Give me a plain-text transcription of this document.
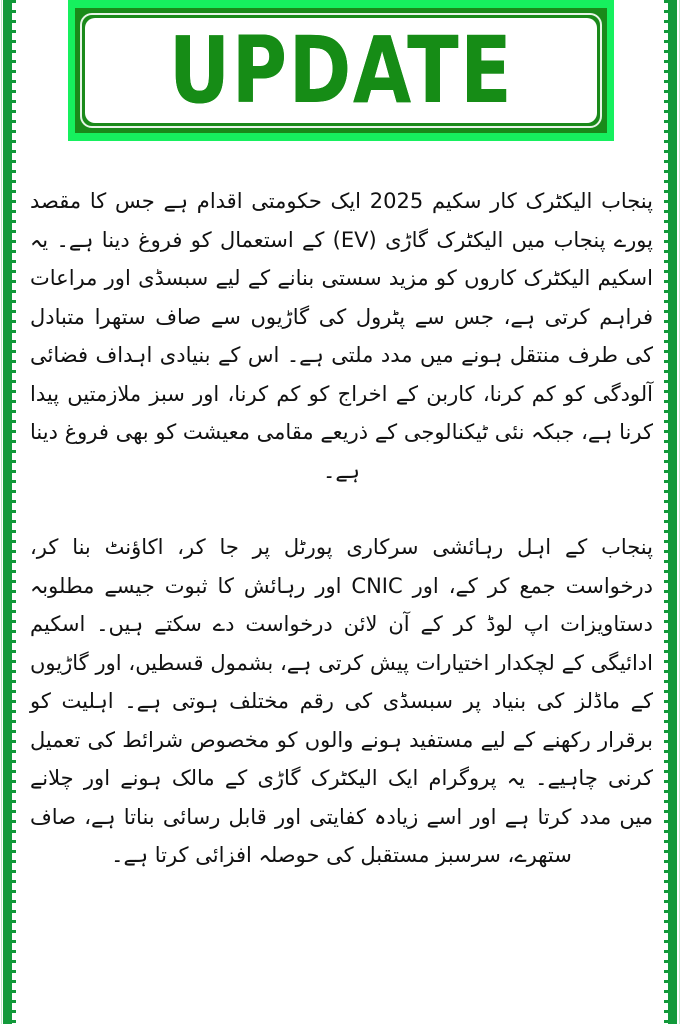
UPDATE

پنجاب الیکٹرک کار سکیم 2025 ایک حکومتی اقدام ہے جس کا مقصد پورے پنجاب میں الیکٹرک گاڑی (EV) کے استعمال کو فروغ دینا ہے۔ یہ اسکیم الیکٹرک کاروں کو مزید سستی بنانے کے لیے سبسڈی اور مراعات فراہم کرتی ہے، جس سے پٹرول کی گاڑیوں سے صاف ستھرا متبادل کی طرف منتقل ہونے میں مدد ملتی ہے۔ اس کے بنیادی اہداف فضائی آلودگی کو کم کرنا، کاربن کے اخراج کو کم کرنا، اور سبز ملازمتیں پیدا کرنا ہے، جبکہ نئی ٹیکنالوجی کے ذریعے مقامی معیشت کو بھی فروغ دینا ہے۔

پنجاب کے اہل رہائشی سرکاری پورٹل پر جا کر، اکاؤنٹ بنا کر، درخواست جمع کر کے، اور CNIC اور رہائش کا ثبوت جیسے مطلوبہ دستاویزات اپ لوڈ کر کے آن لائن درخواست دے سکتے ہیں۔ اسکیم ادائیگی کے لچکدار اختیارات پیش کرتی ہے، بشمول قسطیں، اور گاڑیوں کے ماڈلز کی بنیاد پر سبسڈی کی رقم مختلف ہوتی ہے۔ اہلیت کو برقرار رکھنے کے لیے مستفید ہونے والوں کو مخصوص شرائط کی تعمیل کرنی چاہیے۔ یہ پروگرام ایک الیکٹرک گاڑی کے مالک ہونے اور چلانے میں مدد کرتا ہے اور اسے زیادہ کفایتی اور قابل رسائی بناتا ہے، صاف ستھرے، سرسبز مستقبل کی حوصلہ افزائی کرتا ہے۔
